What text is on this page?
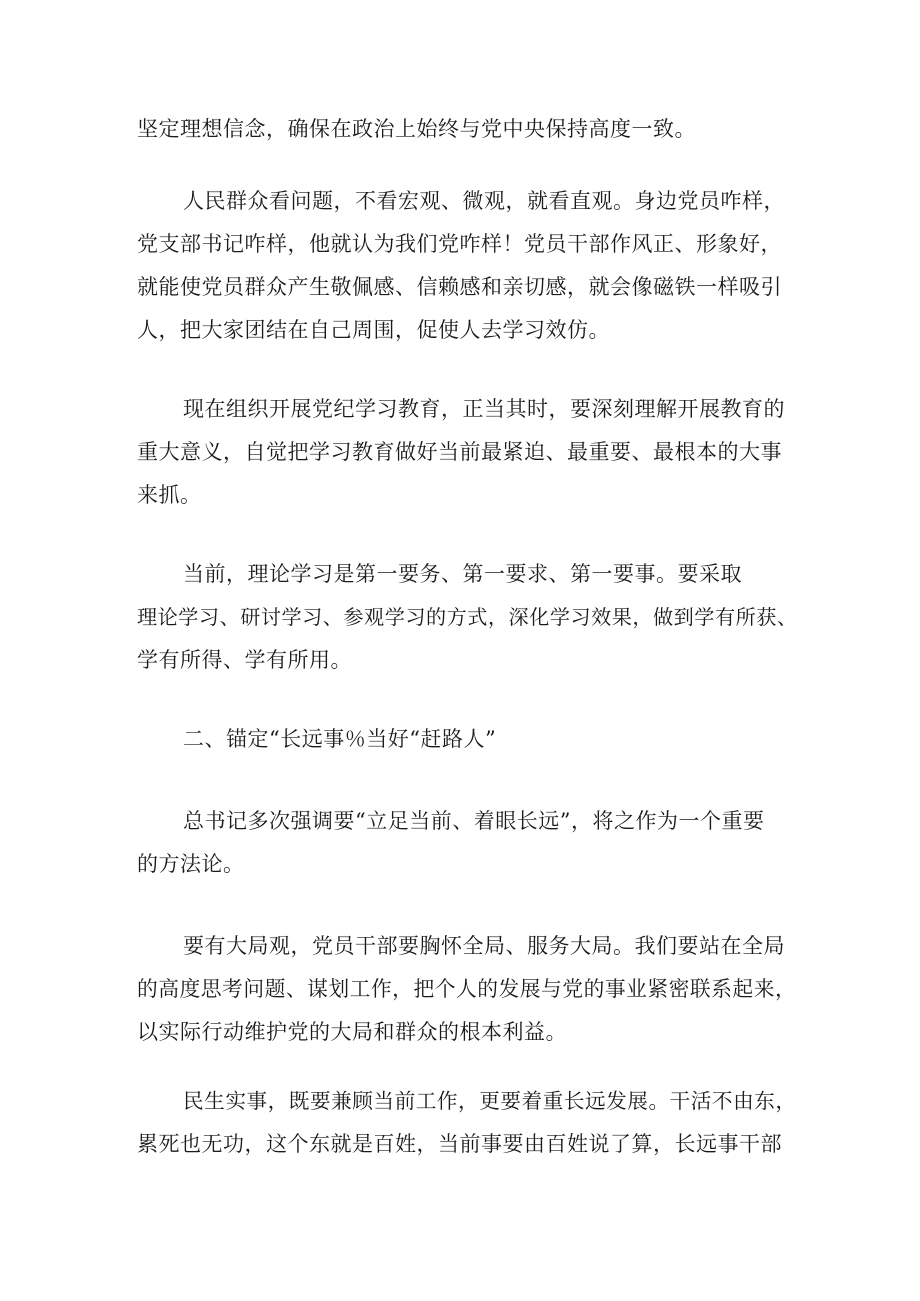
坚定理想信念，确保在政治上始终与党中央保持高度一致。
人民群众看问题，不看宏观、微观，就看直观。身边党员咋样，
党支部书记咋样，他就认为我们党咋样！党员干部作风正、形象好，
就能使党员群众产生敬佩感、信赖感和亲切感，就会像磁铁一样吸引
人，把大家团结在自己周围，促使人去学习效仿。
现在组织开展党纪学习教育，正当其时，要深刻理解开展教育的
重大意义，自觉把学习教育做好当前最紧迫、最重要、最根本的大事
来抓。
当前，理论学习是第一要务、第一要求、第一要事。要采取
理论学习、研讨学习、参观学习的方式，深化学习效果，做到学有所获、
学有所得、学有所用。
二、锚定“长远事％当好“赶路人”
总书记多次强调要“立足当前、着眼长远”，将之作为一个重要
的方法论。
要有大局观，党员干部要胸怀全局、服务大局。我们要站在全局
的高度思考问题、谋划工作，把个人的发展与党的事业紧密联系起来，
以实际行动维护党的大局和群众的根本利益。
民生实事，既要兼顾当前工作，更要着重长远发展。干活不由东，
累死也无功，这个东就是百姓，当前事要由百姓说了算，长远事干部
